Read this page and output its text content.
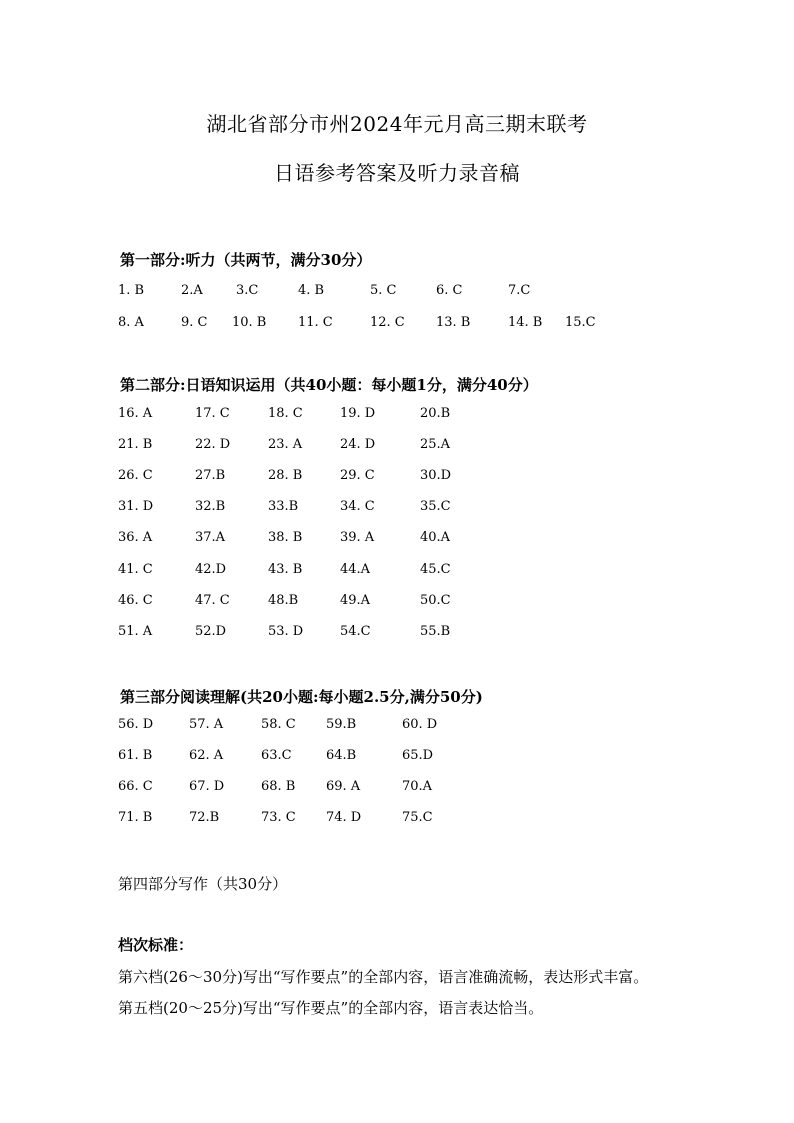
湖北省部分市州2024年元月高三期末联考
日语参考答案及听力录音稿
第一部分:听力（共两节，满分30分）
1. B	2.A	3.C	4. B	5. C	6. C	7.C
8. A	9. C 10. B 11. C	12. C 13. B	14. B 15.C
第二部分:日语知识运用（共40小题：每小题1分，满分40分）
16. A	17. C	18. C	19. D	20.B
21. B	22. D	23. A	24. D	25.A
26. C	27.B	28. B	29. C	30.D
31. D	32.B	33.B	34. C	35.C
36. A	37.A	38. B	39. A	40.A
41. C	42.D	43. B	44.A	45.C
46. C	47. C	48.B	49.A	50.C
51. A	52.D	53. D	54.C	55.B
第三部分阅读理解(共20小题:每小题2.5分,满分50分)
56. D	57. A	58. C 59.B	60. D
61. B	62. A	63.C	64.B	65.D
66. C	67. D	68. B 69. A	70.A
71. B	72.B	73. C 74. D	75.C
第四部分写作（共30分）
档次标准：
第六档(26～30分)写出“写作要点”的全部内容，语言准确流畅，表达形式丰富。
第五档(20～25分)写出“写作要点”的全部内容，语言表达恰当。
